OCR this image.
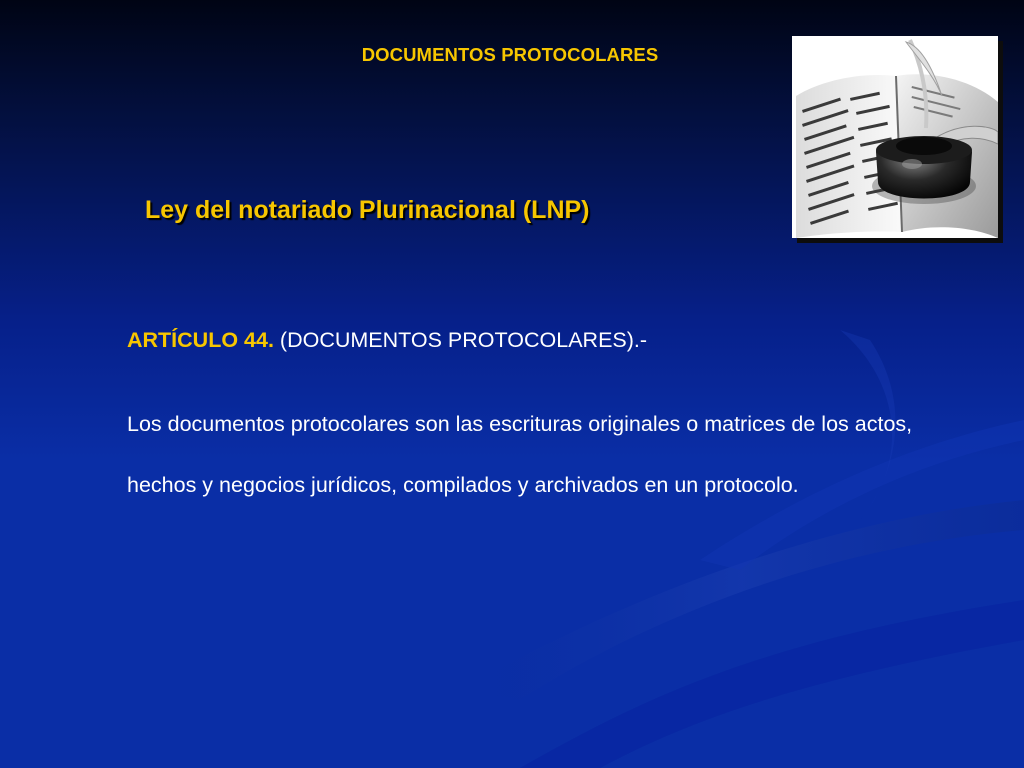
DOCUMENTOS PROTOCOLARES
Ley del notariado Plurinacional (LNP)
ARTÍCULO 44. (DOCUMENTOS PROTOCOLARES).-

Los documentos protocolares son las escrituras originales o matrices de los actos, hechos y negocios jurídicos, compilados y archivados en un protocolo.
